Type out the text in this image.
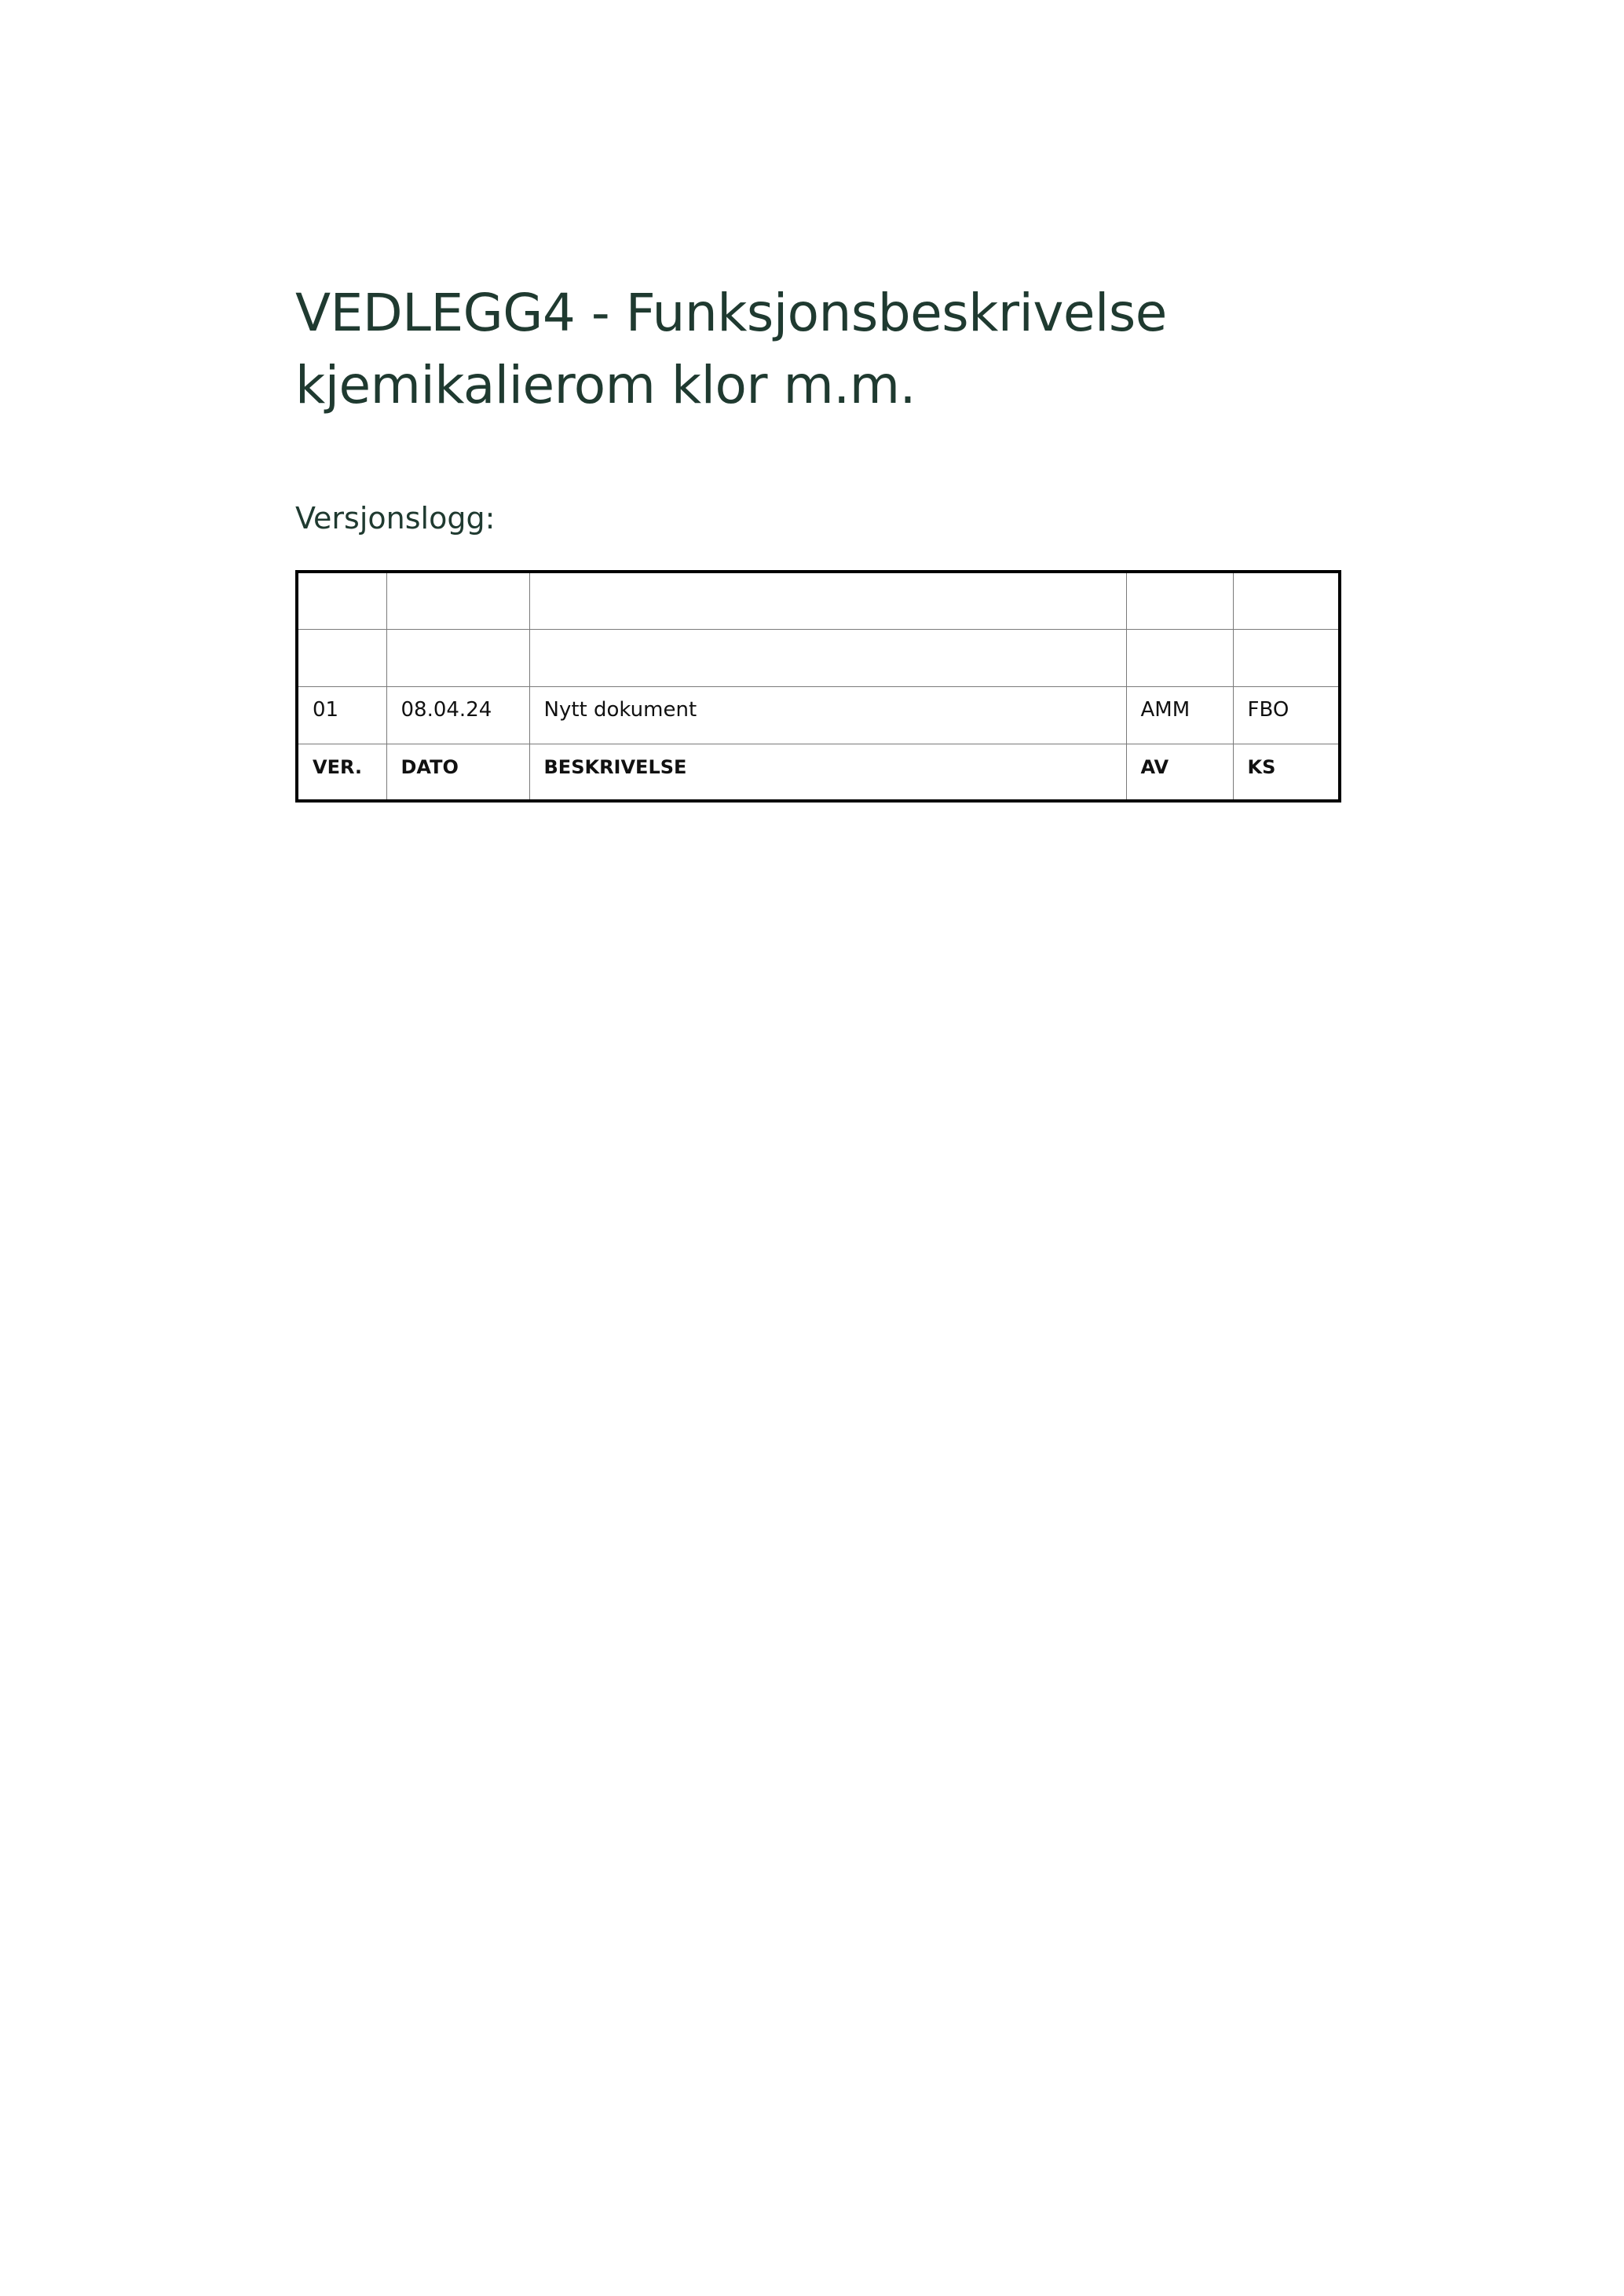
VEDLEGG4 - Funksjonsbeskrivelse
kjemikalierom klor m.m.

Versjonslogg:

01	08.04.24	Nytt dokument	AMM	FBO
VER.	DATO	BESKRIVELSE	AV	KS
